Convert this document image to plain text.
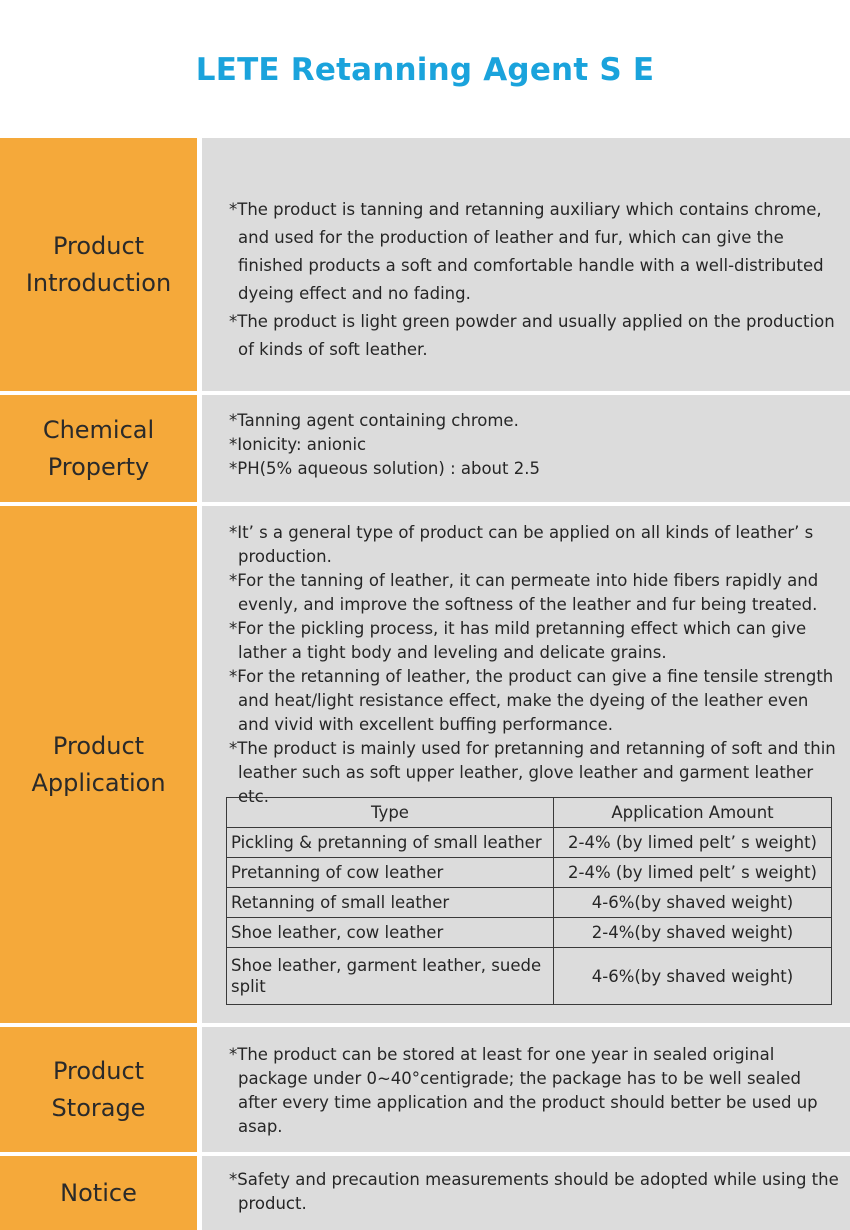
LETE Retanning Agent S E
Product
Introduction

*The product is tanning and retanning auxiliary which contains chrome, and used for the production of leather and fur, which can give the finished products a soft and comfortable handle with a well-distributed dyeing effect and no fading.

*The product is light green powder and usually applied on the production of kinds of soft leather.

Chemical
Property

*Tanning agent containing chrome.

*Ionicity: anionic

*PH(5% aqueous solution) : about 2.5

Product
Application

*It’ s a general type of product can be applied on all kinds of leather’ s production.

*For the tanning of leather, it can permeate into hide fibers rapidly and evenly, and improve the softness of the leather and fur being treated.

*For the pickling process, it has mild pretanning effect which can give lather a tight body and leveling and delicate grains.

*For the retanning of leather, the product can give a fine tensile strength and heat/light resistance effect, make the dyeing of the leather even and vivid with excellent buffing performance.

*The product is mainly used for pretanning and retanning of soft and thin leather such as soft upper leather, glove leather and garment leather etc.

Type	Application Amount
Pickling & pretanning of small leather	2-4% (by limed pelt’ s weight)
Pretanning of cow leather	2-4% (by limed pelt’ s weight)
Retanning of small leather	4-6%(by shaved weight)
Shoe leather, cow leather	2-4%(by shaved weight)
Shoe leather, garment leather, suede split	4-6%(by shaved weight)
Product
Storage

*The product can be stored at least for one year in sealed original package under 0~40°centigrade; the package has to be well sealed after every time application and the product should better be used up asap.

Notice	*Safety and precaution measurements should be adopted while using the product.
